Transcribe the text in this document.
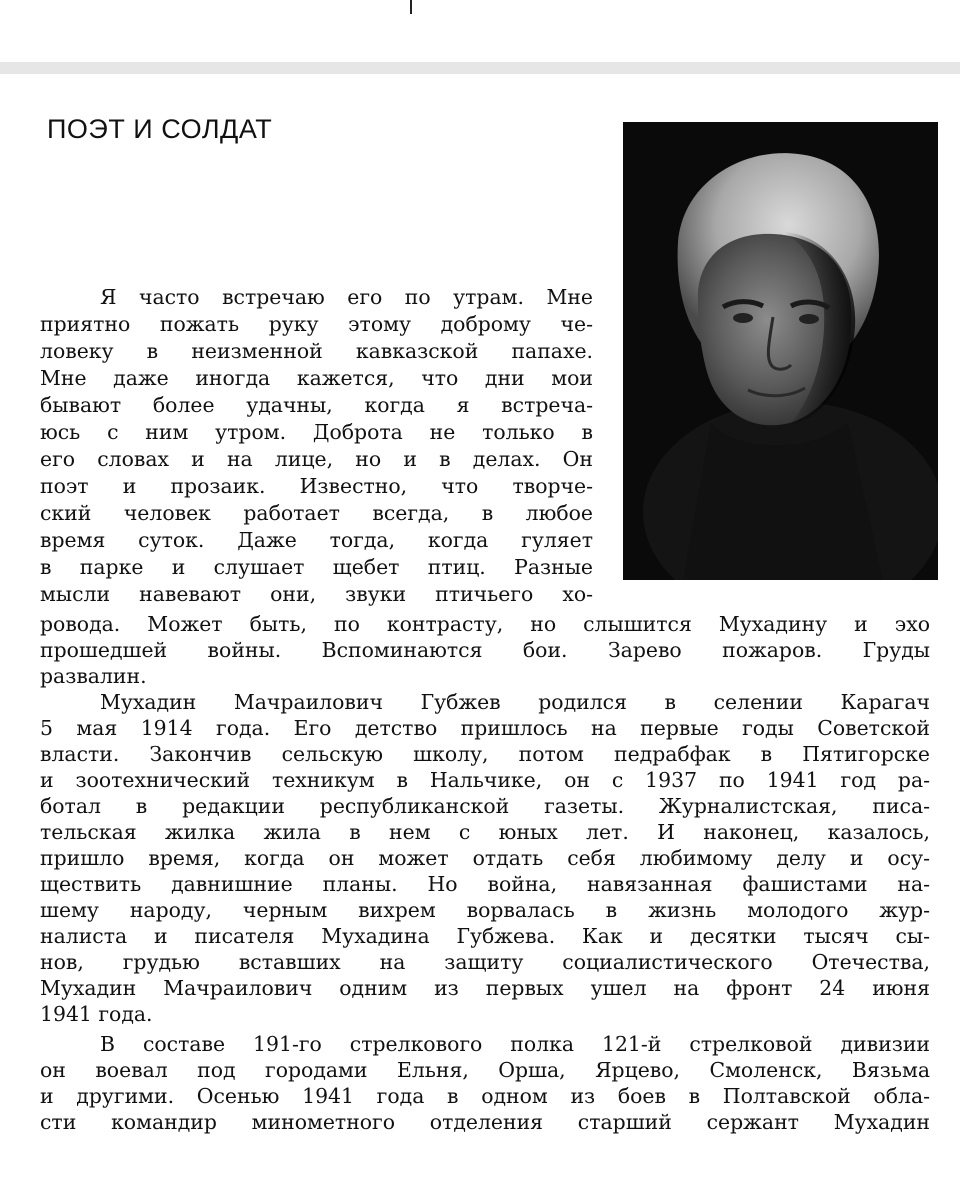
ПОЭТ И СОЛДАТ

Я часто встречаю его по утрам. Мне

приятно пожать руку этому доброму че-

ловеку в неизменной кавказской папахе.

Мне даже иногда кажется, что дни мои

бывают более удачны, когда я встреча-

юсь с ним утром. Доброта не только в

его словах и на лице, но и в делах. Он

поэт и прозаик. Известно, что творче-

ский человек работает всегда, в любое

время суток. Даже тогда, когда гуляет

в парке и слушает щебет птиц. Разные

мысли навевают они, звуки птичьего хо-

ровода. Может быть, по контрасту, но слышится Мухадину и эхо

прошедшей войны. Вспоминаются бои. Зарево пожаров. Груды

развалин.

Мухадин Мачраилович Губжев родился в селении Карагач

5 мая 1914 года. Его детство пришлось на первые годы Советской

власти. Закончив сельскую школу, потом педрабфак в Пятигорске

и зоотехнический техникум в Нальчике, он с 1937 по 1941 год ра-

ботал в редакции республиканской газеты. Журналистская, писа-

тельская жилка жила в нем с юных лет. И наконец, казалось,

пришло время, когда он может отдать себя любимому делу и осу-

ществить давнишние планы. Но война, навязанная фашистами на-

шему народу, черным вихрем ворвалась в жизнь молодого жур-

налиста и писателя Мухадина Губжева. Как и десятки тысяч сы-

нов, грудью вставших на защиту социалистического Отечества,

Мухадин Мачраилович одним из первых ушел на фронт 24 июня

1941 года.

В составе 191-го стрелкового полка 121-й стрелковой дивизии

он воевал под городами Ельня, Орша, Ярцево, Смоленск, Вязьма

и другими. Осенью 1941 года в одном из боев в Полтавской обла-

сти командир минометного отделения старший сержант Мухадин
